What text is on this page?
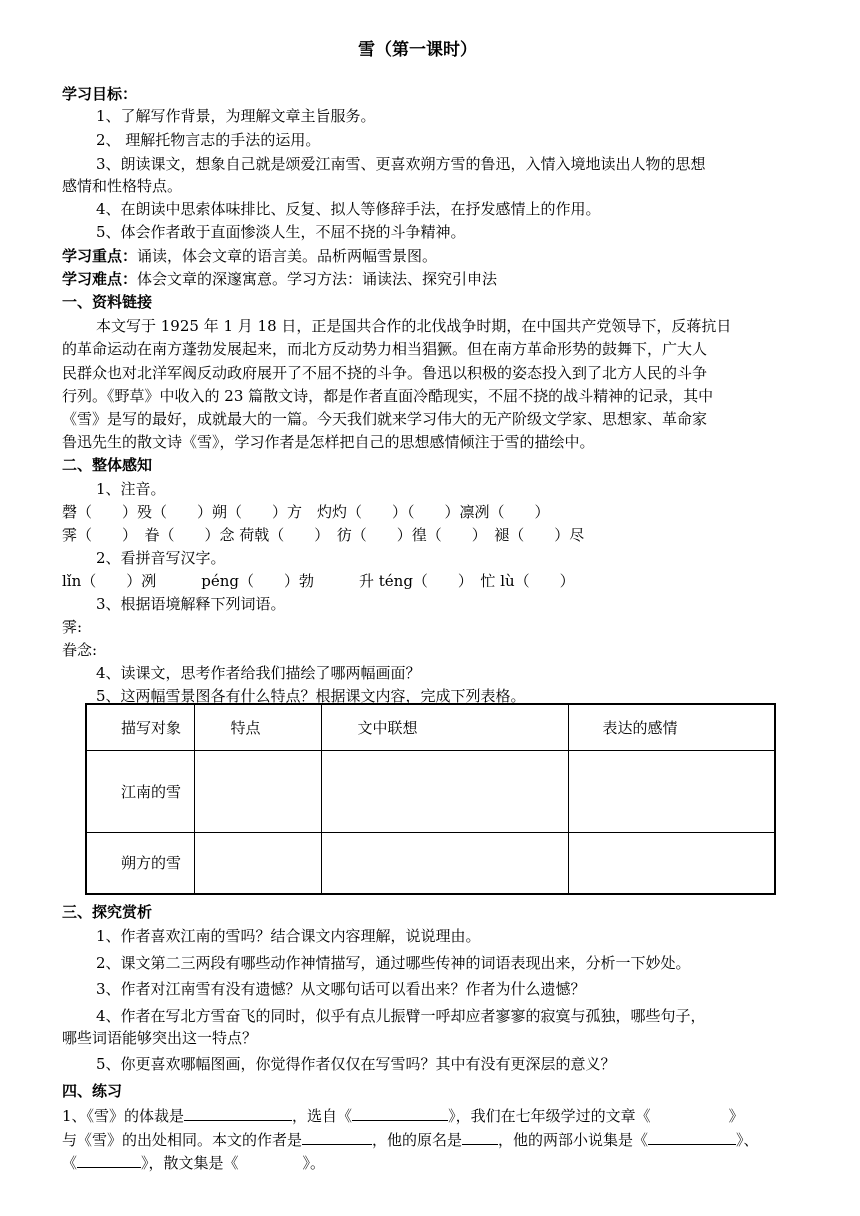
雪（第一课时）
学习目标：
1、了解写作背景，为理解文章主旨服务。
2、 理解托物言志的手法的运用。
3、朗读课文，想象自己就是颂爱江南雪、更喜欢朔方雪的鲁迅，入情入境地读出人物的思想
感情和性格特点。
4、在朗读中思索体味排比、反复、拟人等修辞手法，在抒发感情上的作用。
5、体会作者敢于直面惨淡人生，不屈不挠的斗争精神。
学习重点：诵读，体会文章的语言美。品析两幅雪景图。
学习难点：体会文章的深邃寓意。学习方法：诵读法、探究引申法
一、资料链接
本文写于 1925 年 1 月 18 日，正是国共合作的北伐战争时期，在中国共产党领导下，反蒋抗日
的革命运动在南方蓬勃发展起来，而北方反动势力相当猖獗。但在南方革命形势的鼓舞下，广大人
民群众也对北洋军阀反动政府展开了不屈不挠的斗争。鲁迅以积极的姿态投入到了北方人民的斗争
行列。《野草》中收入的 23 篇散文诗，都是作者直面冷酷现实，不屈不挠的战斗精神的记录，其中
《雪》是写的最好，成就最大的一篇。今天我们就来学习伟大的无产阶级文学家、思想家、革命家
鲁迅先生的散文诗《雪》，学习作者是怎样把自己的思想感情倾注于雪的描绘中。
二、整体感知
1、注音。
磬（　　）殁（　　）朔（　　）方　灼灼（　　）（　　）凛冽（　　）
霁（　　）　眷（　　）念 荷戟（　　）　彷（　　）徨（　　）　褪（　　）尽
2、看拼音写汉字。
lǐn（　　）冽　　　péng（　　）勃　　　升 téng（　　）　忙 lù（　　）
3、根据语境解释下列词语。
霁:
眷念:
4、读课文，思考作者给我们描绘了哪两幅画面？
5、这两幅雪景图各有什么特点？根据课文内容，完成下列表格。
描写对象	特点	文中联想	表达的感情
江南的雪			
朔方的雪			
三、探究赏析
1、作者喜欢江南的雪吗？结合课文内容理解，说说理由。
2、课文第二三两段有哪些动作神情描写，通过哪些传神的词语表现出来，分析一下妙处。
3、作者对江南雪有没有遗憾？从文哪句话可以看出来？作者为什么遗憾？
4、作者在写北方雪奋飞的同时，似乎有点儿振臂一呼却应者寥寥的寂寞与孤独，哪些句子，
哪些词语能够突出这一特点？
5、你更喜欢哪幅图画，你觉得作者仅仅在写雪吗？其中有没有更深层的意义？
四、练习
1、《雪》的体裁是	，选自《	》，我们在七年级学过的文章《	》
与《雪》的出处相同。本文的作者是	，他的原名是 ，他的两部小说集是《	》、
《	》，散文集是《	》。
